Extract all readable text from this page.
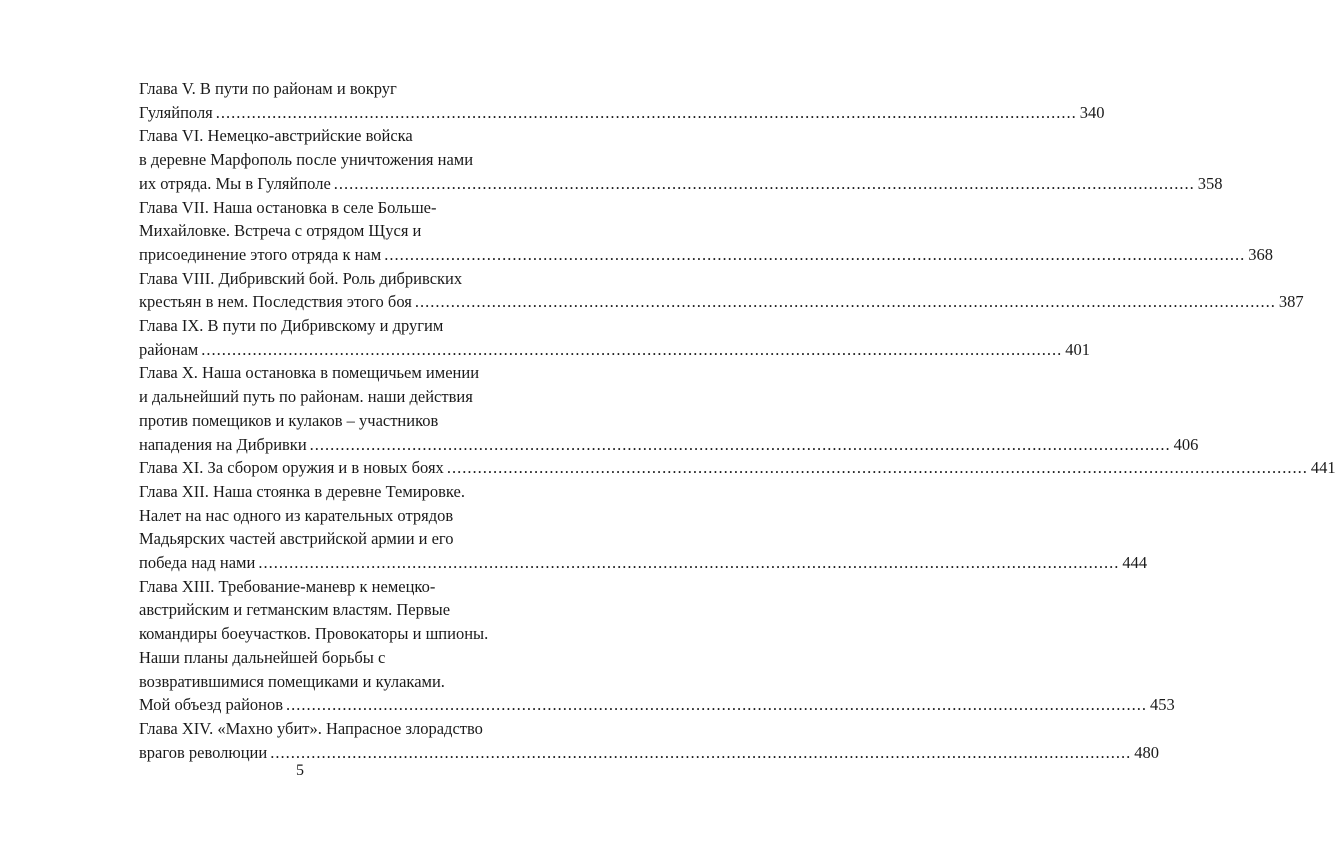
Глава V. В пути по районам и вокруг
Гуляйполя .....	340
Глава VI. Немецко-австрийские войска
в деревне Марфополь после уничтожения нами
их отряда. Мы в Гуляйполе .....	358
Глава VII. Наша остановка в селе Больше-
Михайловке. Встреча с отрядом Щуся и
присоединение этого отряда к нам .....	368
Глава VIII. Дибривский бой. Роль дибривских
крестьян в нем. Последствия этого боя .....	387
Глава IX. В пути по Дибривскому и другим
районам .....	401
Глава X. Наша остановка в помещичьем имении
и дальнейший путь по районам. наши действия
против помещиков и кулаков – участников
нападения на Дибривки .....	406
Глава XI. За сбором оружия и в новых боях .....	441
Глава XII. Наша стоянка в деревне Темировке.
Налет на нас одного из карательных отрядов
Мадьярских частей австрийской армии и его
победа над нами .....	444
Глава XIII. Требование-маневр к немецко-
австрийским и гетманским властям. Первые
командиры боеучастков. Провокаторы и шпионы.
Наши планы дальнейшей борьбы с
возвратившимися помещиками и кулаками.
Мой объезд районов .....	453
Глава XIV. «Махно убит». Напрасное злорадство
врагов революции .....	480
5
